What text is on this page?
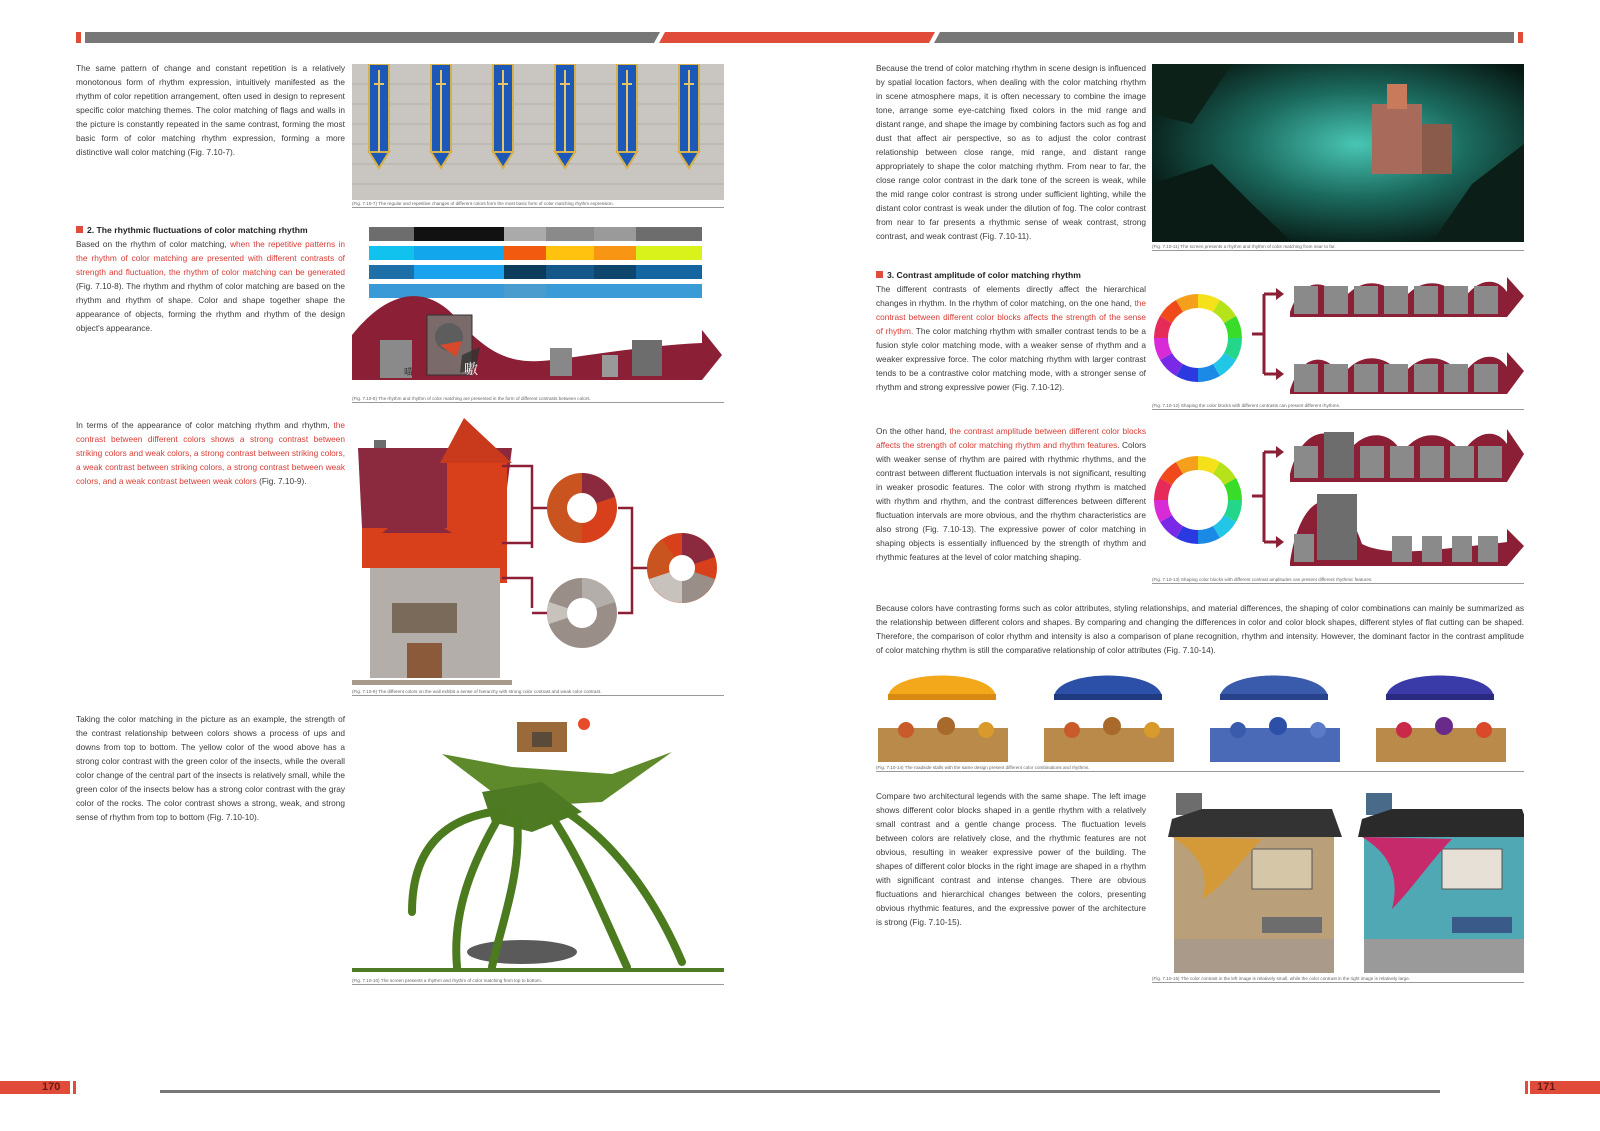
The same pattern of change and constant repetition is a relatively monotonous form of rhythm expression, intuitively manifested as the rhythm of color repetition arrangement, often used in design to represent specific color matching themes. The color matching of flags and walls in the picture is constantly repeated in the same contrast, forming the most basic form of color matching rhythm expression, forming a more distinctive wall color matching (Fig. 7.10-7).
(Fig. 7.10-7) The regular and repetitive changes of different colors form the most basic form of color matching rhythm expression.
2. The rhythmic fluctuations of color matching rhythm
Based on the rhythm of color matching, when the repetitive patterns in the rhythm of color matching are presented with different contrasts of strength and fluctuation, the rhythm of color matching can be generated (Fig. 7.10-8). The rhythm and rhythm of color matching are based on the rhythm and rhythm of shape. Color and shape together shape the appearance of objects, forming the rhythm and rhythm of the design object's appearance.
喵	嗷
(Fig. 7.10-8) The rhythm and rhythm of color matching are presented in the form of different contrasts between colors.
In terms of the appearance of color matching rhythm and rhythm, the contrast between different colors shows a strong contrast between striking colors and weak colors, a strong contrast between striking colors, a weak contrast between striking colors, a strong contrast between weak colors, and a weak contrast between weak colors (Fig. 7.10-9).
(Fig. 7.10-9) The different colors on the wall exhibit a sense of hierarchy with strong color contrast and weak color contrast.
Taking the color matching in the picture as an example, the strength of the contrast relationship between colors shows a process of ups and downs from top to bottom. The yellow color of the wood above has a strong color contrast with the green color of the insects, while the overall color change of the central part of the insects is relatively small, while the green color of the insects below has a strong color contrast with the gray color of the rocks. The color contrast shows a strong, weak, and strong sense of rhythm from top to bottom (Fig. 7.10-10).
(Fig. 7.10-10) The screen presents a rhythm and rhythm of color matching from top to bottom.
Because the trend of color matching rhythm in scene design is influenced by spatial location factors, when dealing with the color matching rhythm in scene atmosphere maps, it is often necessary to combine the image tone, arrange some eye-catching fixed colors in the mid range and distant range, and shape the image by combining factors such as fog and dust that affect air perspective, so as to adjust the color contrast relationship between close range, mid range, and distant range appropriately to shape the color matching rhythm. From near to far, the close range color contrast in the dark tone of the screen is weak, while the mid range color contrast is strong under sufficient lighting, while the distant color contrast is weak under the dilution of fog. The color contrast from near to far presents a rhythmic sense of weak contrast, strong contrast, and weak contrast (Fig. 7.10-11).
(Fig. 7.10-11) The screen presents a rhythm and rhythm of color matching from near to far.
3. Contrast amplitude of color matching rhythm
The different contrasts of elements directly affect the hierarchical changes in rhythm. In the rhythm of color matching, on the one hand, the contrast between different color blocks affects the strength of the sense of rhythm. The color matching rhythm with smaller contrast tends to be a fusion style color matching mode, with a weaker sense of rhythm and a weaker expressive force. The color matching rhythm with larger contrast tends to be a contrastive color matching mode, with a stronger sense of rhythm and strong expressive power (Fig. 7.10-12).
(Fig. 7.10-12) Shaping the color blocks with different contrasts can present different rhythms.
On the other hand, the contrast amplitude between different color blocks affects the strength of color matching rhythm and rhythm features. Colors with weaker sense of rhythm are paired with rhythmic rhythms, and the contrast between different fluctuation intervals is not significant, resulting in weaker prosodic features. The color with strong rhythm is matched with rhythm and rhythm, and the contrast differences between different fluctuation intervals are more obvious, and the rhythm characteristics are also strong (Fig. 7.10-13). The expressive power of color matching in shaping objects is essentially influenced by the strength of rhythm and rhythmic features at the level of color matching shaping.
(Fig. 7.10-13) Shaping color blocks with different contrast amplitudes can present different rhythmic features.
Because colors have contrasting forms such as color attributes, styling relationships, and material differences, the shaping of color combinations can mainly be summarized as the relationship between different colors and shapes. By comparing and changing the differences in color and color block shapes, different styles of flat cutting can be shaped. Therefore, the comparison of color rhythm and intensity is also a comparison of plane recognition, rhythm and intensity. However, the dominant factor in the contrast amplitude of color matching rhythm is still the comparative relationship of color attributes (Fig. 7.10-14).
(Fig. 7.10-14) The roadside stalls with the same design present different color combinations and rhythms.
Compare two architectural legends with the same shape. The left image shows different color blocks shaped in a gentle rhythm with a relatively small contrast and a gentle change process. The fluctuation levels between colors are relatively close, and the rhythmic features are not obvious, resulting in weaker expressive power of the building. The shapes of different color blocks in the right image are shaped in a rhythm with significant contrast and intense changes. There are obvious fluctuations and hierarchical changes between the colors, presenting obvious rhythmic features, and the expressive power of the architecture is strong (Fig. 7.10-15).
(Fig. 7.10-15) The color contrast in the left image is relatively small, while the color contrast in the right image is relatively large.
170	171
